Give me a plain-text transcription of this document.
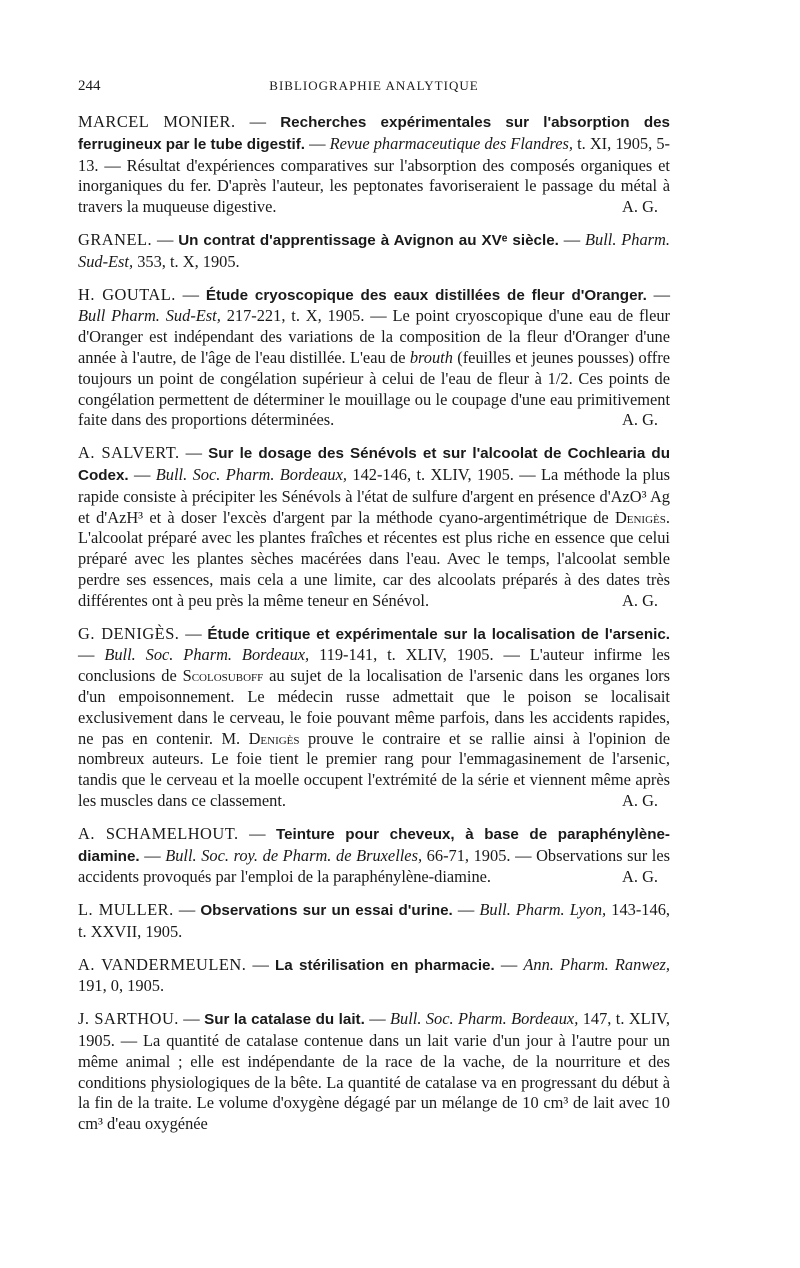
244	BIBLIOGRAPHIE ANALYTIQUE

MARCEL MONIER. — Recherches expérimentales sur l'absorption des ferrugineux par le tube digestif. — Revue pharmaceutique des Flandres, t. XI, 1905, 5-13. — Résultat d'expériences comparatives sur l'absorption des composés organiques et inorganiques du fer. D'après l'auteur, les peptonates favoriseraient le passage du métal à travers la muqueuse digestive.	A. G.

GRANEL. — Un contrat d'apprentissage à Avignon au XVᵉ siècle. — Bull. Pharm. Sud-Est, 353, t. X, 1905.

H. GOUTAL. — Étude cryoscopique des eaux distillées de fleur d'Oranger. — Bull Pharm. Sud-Est, 217-221, t. X, 1905. — Le point cryoscopique d'une eau de fleur d'Oranger est indépendant des variations de la composition de la fleur d'Oranger d'une année à l'autre, de l'âge de l'eau distillée. L'eau de brouth (feuilles et jeunes pousses) offre toujours un point de congélation supérieur à celui de l'eau de fleur à 1/2. Ces points de congélation permettent de déterminer le mouillage ou le coupage d'une eau primitivement faite dans des proportions déterminées.	A. G.

A. SALVERT. — Sur le dosage des Sénévols et sur l'alcoolat de Cochlearia du Codex. — Bull. Soc. Pharm. Bordeaux, 142-146, t. XLIV, 1905. — La méthode la plus rapide consiste à précipiter les Sénévols à l'état de sulfure d'argent en présence d'AzO³ Ag et d'AzH³ et à doser l'excès d'argent par la méthode cyano-argentimétrique de Denigès. L'alcoolat préparé avec les plantes fraîches et récentes est plus riche en essence que celui préparé avec les plantes sèches macérées dans l'eau. Avec le temps, l'alcoolat semble perdre ses essences, mais cela a une limite, car des alcoolats préparés à des dates très différentes ont à peu près la même teneur en Sénévol.	A. G.

G. DENIGÈS. — Étude critique et expérimentale sur la localisation de l'arsenic. — Bull. Soc. Pharm. Bordeaux, 119-141, t. XLIV, 1905. — L'auteur infirme les conclusions de Scolosuboff au sujet de la localisation de l'arsenic dans les organes lors d'un empoisonnement. Le médecin russe admettait que le poison se localisait exclusivement dans le cerveau, le foie pouvant même parfois, dans les accidents rapides, ne pas en contenir. M. Denigès prouve le contraire et se rallie ainsi à l'opinion de nombreux auteurs. Le foie tient le premier rang pour l'emmagasinement de l'arsenic, tandis que le cerveau et la moelle occupent l'extrémité de la série et viennent même après les muscles dans ce classement.	A. G.

A. SCHAMELHOUT. — Teinture pour cheveux, à base de paraphénylène-diamine. — Bull. Soc. roy. de Pharm. de Bruxelles, 66-71, 1905. — Observations sur les accidents provoqués par l'emploi de la paraphénylène-diamine.	A. G.

L. MULLER. — Observations sur un essai d'urine. — Bull. Pharm. Lyon, 143-146, t. XXVII, 1905.

A. VANDERMEULEN. — La stérilisation en pharmacie. — Ann. Pharm. Ranwez, 191, 0, 1905.

J. SARTHOU. — Sur la catalase du lait. — Bull. Soc. Pharm. Bordeaux, 147, t. XLIV, 1905. — La quantité de catalase contenue dans un lait varie d'un jour à l'autre pour un même animal ; elle est indépendante de la race de la vache, de la nourriture et des conditions physiologiques de la bête. La quantité de catalase va en progressant du début à la fin de la traite. Le volume d'oxygène dégagé par un mélange de 10 cm³ de lait avec 10 cm³ d'eau oxygénée
